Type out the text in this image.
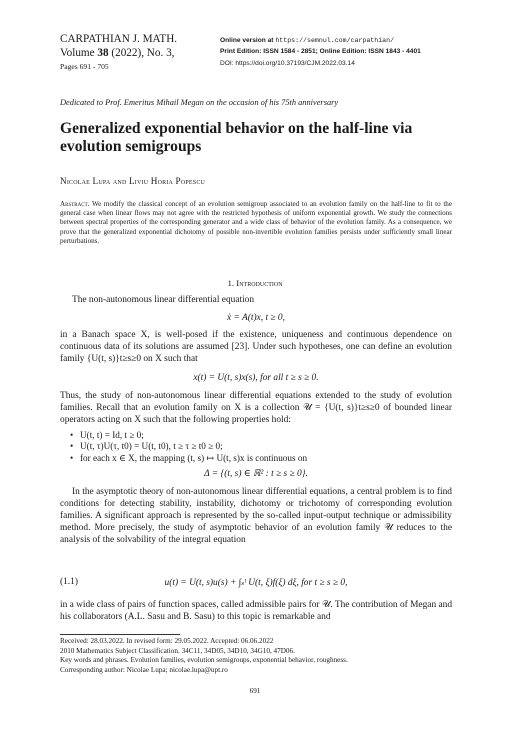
CARPATHIAN J. MATH.
Volume 38 (2022), No. 3,
Pages 691 - 705
Online version at https://semnul.com/carpathian/
Print Edition: ISSN 1584 - 2851; Online Edition: ISSN 1843 - 4401
DOI: https://doi.org/10.37193/CJM.2022.03.14
Dedicated to Prof. Emeritus Mihail Megan on the occasion of his 75th anniversary
Generalized exponential behavior on the half-line via
evolution semigroups
Nicolae Lupa and Liviu Horia Popescu
Abstract. We modify the classical concept of an evolution semigroup associated to an evolution family on the half-line to fit to the general case when linear flows may not agree with the restricted hypothesis of uniform exponential growth. We study the connections between spectral properties of the corresponding generator and a wide class of behavior of the evolution family. As a consequence, we prove that the generalized exponential dichotomy of possible non-invertible evolution families persists under sufficiently small linear perturbations.
1. Introduction
The non-autonomous linear differential equation
ẋ = A(t)x, t ≥ 0,
in a Banach space X, is well-posed if the existence, uniqueness and continuous dependence on continuous data of its solutions are assumed [23]. Under such hypotheses, one can define an evolution family {U(t, s)}t≥s≥0 on X such that
x(t) = U(t, s)x(s), for all t ≥ s ≥ 0.
Thus, the study of non-autonomous linear differential equations extended to the study of evolution families. Recall that an evolution family on X is a collection 𝒰 = {U(t, s)}t≥s≥0 of bounded linear operators acting on X such that the following properties hold:
• U(t, t) = Id, t ≥ 0;
• U(t, τ)U(τ, t0) = U(t, t0), t ≥ τ ≥ t0 ≥ 0;
• for each x ∈ X, the mapping (t, s) ↦ U(t, s)x is continuous on
Δ = {(t, s) ∈ ℝ² : t ≥ s ≥ 0}.
In the asymptotic theory of non-autonomous linear differential equations, a central problem is to find conditions for detecting stability, instability, dichotomy or trichotomy of corresponding evolution families. A significant approach is represented by the so-called input-output technique or admissibility method. More precisely, the study of asymptotic behavior of an evolution family 𝒰 reduces to the analysis of the solvability of the integral equation
(1.1)	u(t) = U(t, s)u(s) + ∫ₛᵗ U(t, ξ)f(ξ) dξ, for t ≥ s ≥ 0,
in a wide class of pairs of function spaces, called admissible pairs for 𝒰. The contribution of Megan and his collaborators (A.L. Sasu and B. Sasu) to this topic is remarkable and
Received: 28.03.2022. In revised form: 29.05.2022. Accepted: 06.06.2022
2010 Mathematics Subject Classification. 34C11, 34D05, 34D10, 34G10, 47D06.
Key words and phrases. Evolution families, evolution semigroups, exponential behavior, roughness.
Corresponding author: Nicolae Lupa; nicolae.lupa@upt.ro
691
